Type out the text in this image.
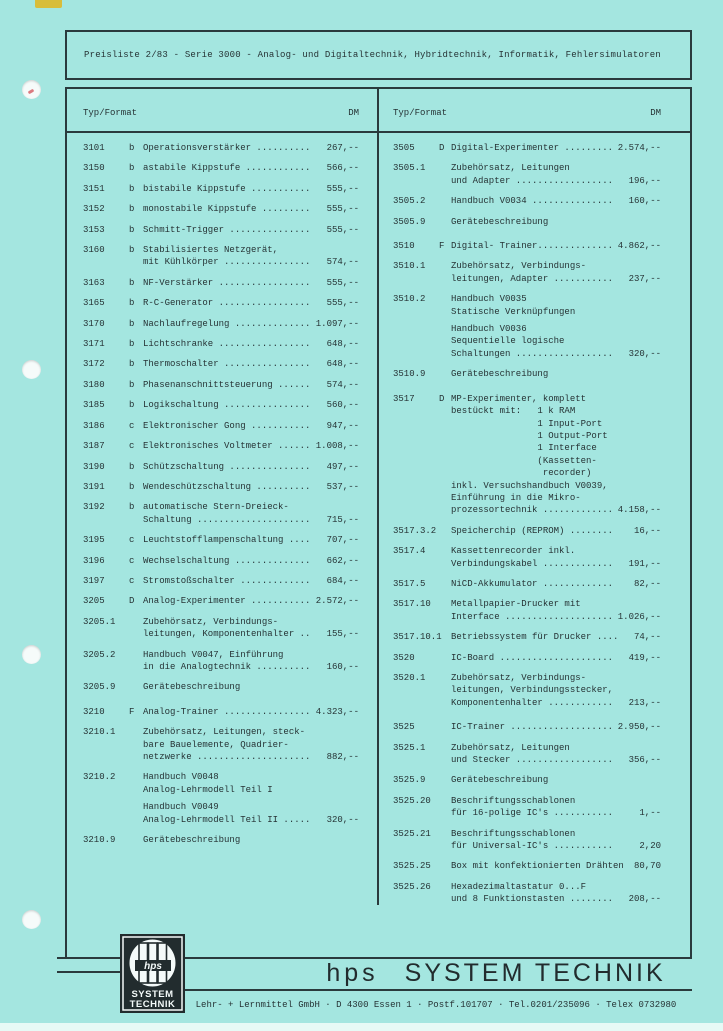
Preisliste 2/83 - Serie 3000 - Analog- und Digitaltechnik, Hybridtechnik, Informatik, Fehlersimulatoren
Typ/Format	DM	Typ/Format	DM
3101	b Operationsverstärker ..........	267,--
3150	b astabile Kippstufe ............	566,--
3151	b bistabile Kippstufe ...........	555,--
3152	b monostabile Kippstufe .........	555,--
3153	b Schmitt-Trigger ...............	555,--
3160	b Stabilisiertes Netzgerät,
mit Kühlkörper ................	574,--
3163	b NF-Verstärker .................	555,--
3165	b R-C-Generator .................	555,--
3170	b Nachlaufregelung .............. 1.097,--
3171	b Lichtschranke .................	648,--
3172	b Thermoschalter ................	648,--
3180	b Phasenanschnittsteuerung ......	574,--
3185	b Logikschaltung ................	560,--
3186	c Elektronischer Gong ...........	947,--
3187	c Elektronisches Voltmeter ...... 1.008,--
3190	b Schützschaltung ...............	497,--
3191	b Wendeschützschaltung ..........	537,--
3192	b automatische Stern-Dreieck-
Schaltung .....................	715,--
3195	c Leuchtstofflampenschaltung ....	707,--
3196	c Wechselschaltung ..............	662,--
3197	c Stromstoßschalter .............	684,--
3205	D Analog-Experimenter ........... 2.572,--
3205.1	Zubehörsatz, Verbindungs-
leitungen, Komponentenhalter ..	155,--
3205.2	Handbuch V0047, Einführung
in die Analogtechnik ..........	160,--
3205.9	Gerätebeschreibung
3210	F Analog-Trainer ................ 4.323,--
3210.1	Zubehörsatz, Leitungen, steck-
bare Bauelemente, Quadrier-
netzwerke .....................	882,--
3210.2	Handbuch V0048
Analog-Lehrmodell Teil I
Handbuch V0049
Analog-Lehrmodell Teil II .....	320,--
3210.9	Gerätebeschreibung
3505	D Digital-Experimenter ......... 2.574,--
3505.1	Zubehörsatz, Leitungen
und Adapter ..................	196,--
3505.2	Handbuch V0034 ...............	160,--
3505.9	Gerätebeschreibung
3510	F Digital- Trainer.............. 4.862,--
3510.1	Zubehörsatz, Verbindungs-
leitungen, Adapter ...........	237,--
3510.2	Handbuch V0035
Statische Verknüpfungen
Handbuch V0036
Sequentielle logische
Schaltungen ..................	320,--
3510.9	Gerätebeschreibung
3517	D MP-Experimenter, komplett
bestückt mit:   1 k RAM
1 Input-Port
1 Output-Port
1 Interface
(Kassetten-
recorder)
inkl. Versuchshandbuch V0039,
Einführung in die Mikro-
prozessortechnik ............. 4.158,--
3517.3.2	Speicherchip (REPROM) ........	16,--
3517.4	Kassettenrecorder inkl.
Verbindungskabel .............	191,--
3517.5	NiCD-Akkumulator .............	82,--
3517.10	Metallpapier-Drucker mit
Interface .................... 1.026,--
3517.10.1 Betriebssystem für Drucker ....	74,--
3520	IC-Board .....................	419,--
3520.1	Zubehörsatz, Verbindungs-
leitungen, Verbindungsstecker,
Komponentenhalter ............	213,--
3525	IC-Trainer ................... 2.950,--
3525.1	Zubehörsatz, Leitungen
und Stecker ..................	356,--
3525.9	Gerätebeschreibung
3525.20	Beschriftungsschablonen
für 16-polige IC's ...........	1,--
3525.21	Beschriftungsschablonen
für Universal-IC's ...........	2,20
3525.25	Box mit konfektionierten Drähten	80,70
3525.26	Hexadezimaltastatur 0...F
und 8 Funktionstasten ........	208,--
hps
SYSTEM
TECHNIK
hps SYSTEM TECHNIK
Lehr- + Lernmittel GmbH · D 4300 Essen 1 · Postf.101707 · Tel.0201/235096 · Telex 0732980
